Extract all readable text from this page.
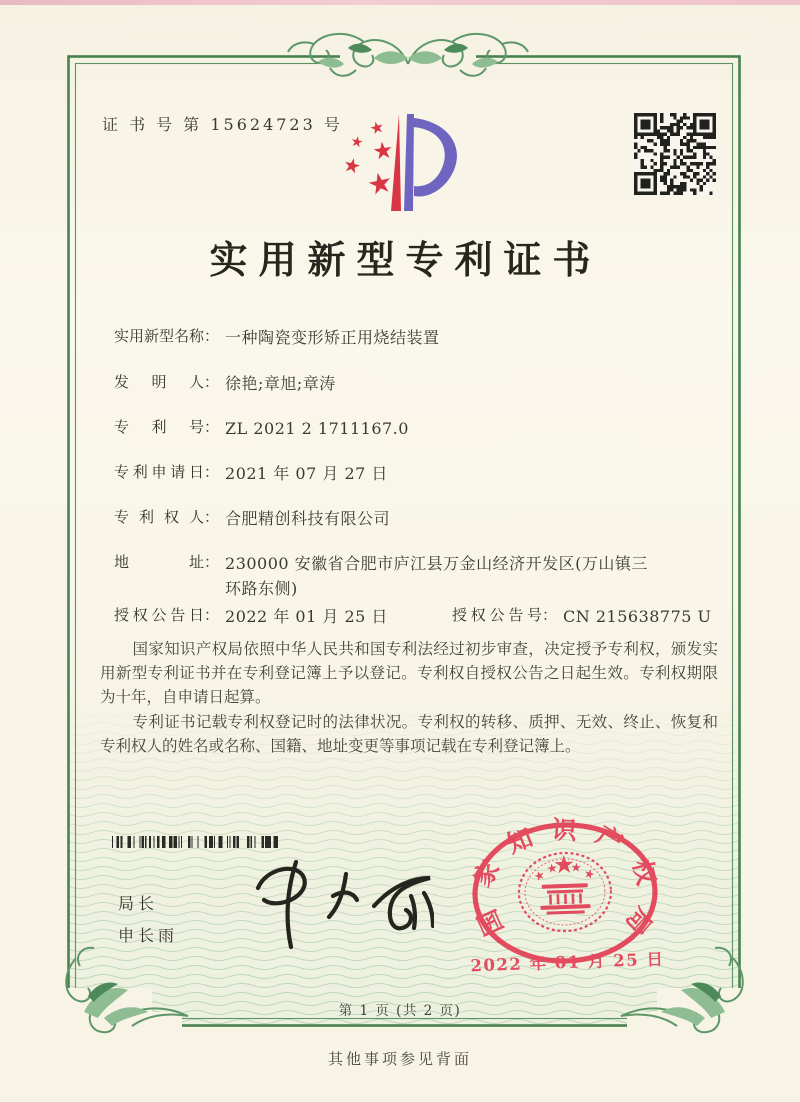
证 书 号 第 15624723 号
实用新型专利证书
实用新型名称 ： 一种陶瓷变形矫正用烧结装置
发明人 ： 徐艳;章旭;章涛
专利号 ： ZL 2021 2 1711167.0
专利申请日 ： 2021 年 07 月 27 日
专利权人 ： 合肥精创科技有限公司
地址 ： 230000 安徽省合肥市庐江县万金山经济开发区(万山镇三环路东侧)
授权公告日 ： 2022 年 01 月 25 日	授权公告号 ： CN 215638775 U

国家知识产权局依照中华人民共和国专利法经过初步审查，决定授予专利权，颁发实用新型专利证书并在专利登记簿上予以登记。专利权自授权公告之日起生效。专利权期限为十年，自申请日起算。

专利证书记载专利权登记时的法律状况。专利权的转移、质押、无效、终止、恢复和专利权人的姓名或名称、国籍、地址变更等事项记载在专利登记簿上。

局长
申长雨	国家知识产权局
2022 年 01 月 25 日
第 1 页 (共 2 页)
其他事项参见背面
